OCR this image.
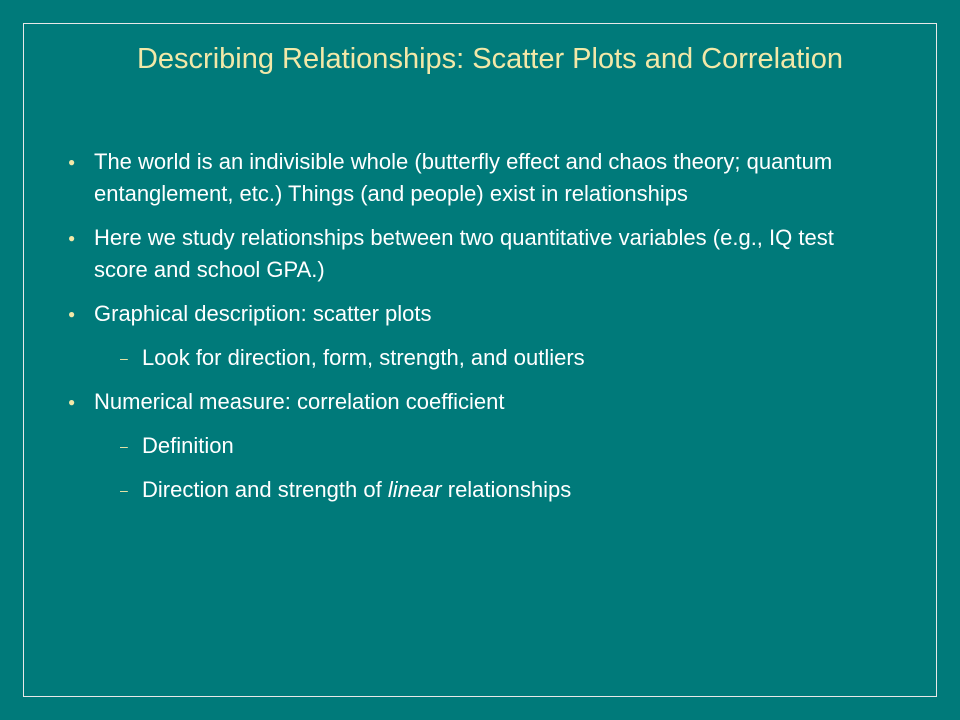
Describing Relationships: Scatter Plots and Correlation
● The world is an indivisible whole (butterfly effect and chaos theory; quantum entanglement, etc.) Things (and people) exist in relationships
● Here we study relationships between two quantitative variables (e.g., IQ test score and school GPA.)
● Graphical description: scatter plots
– Look for direction, form, strength, and outliers
● Numerical measure: correlation coefficient
– Definition
– Direction and strength of linear relationships
